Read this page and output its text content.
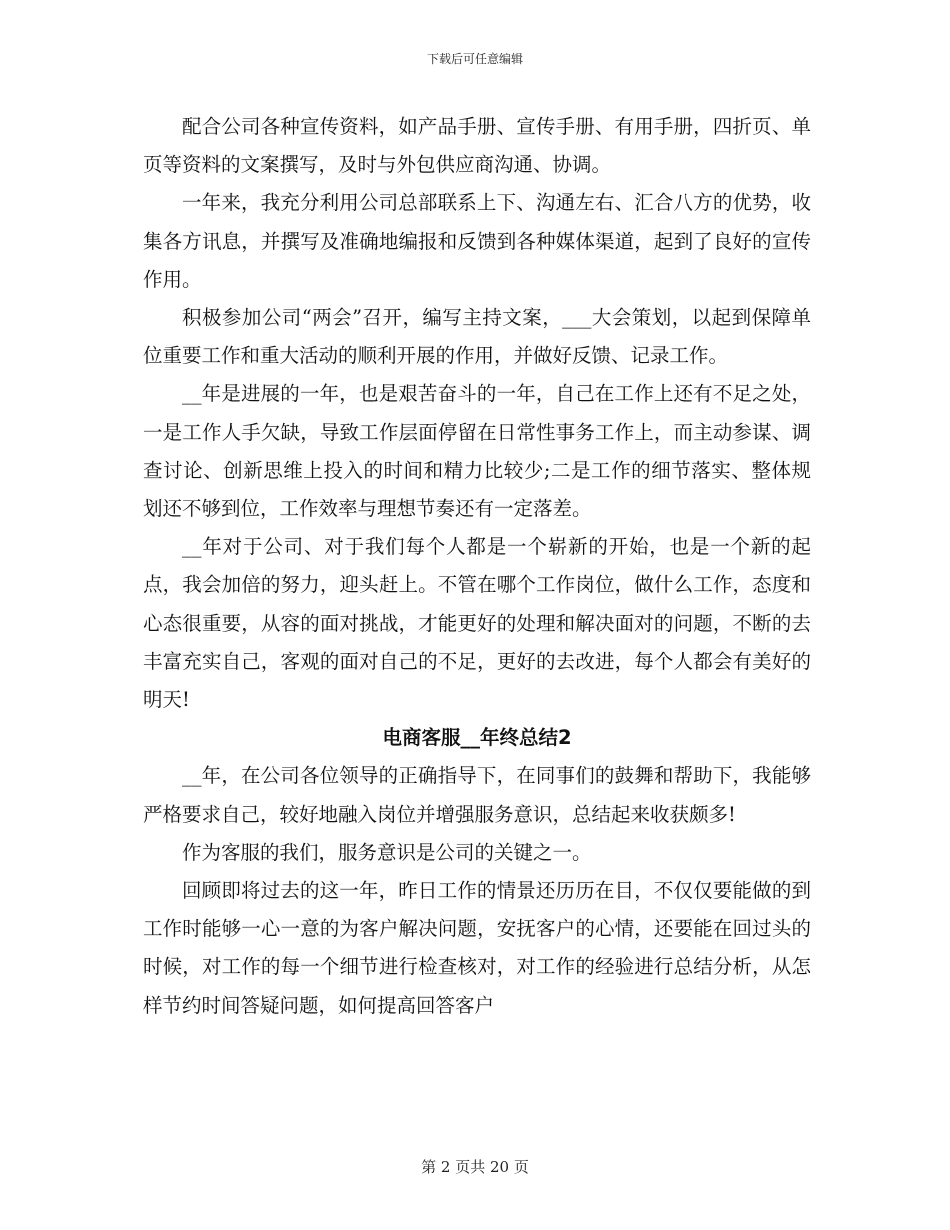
下载后可任意编辑

配合公司各种宣传资料，如产品手册、宣传手册、有用手册，四折页、单页等资料的文案撰写，及时与外包供应商沟通、协调。

一年来，我充分利用公司总部联系上下、沟通左右、汇合八方的优势，收集各方讯息，并撰写及准确地编报和反馈到各种媒体渠道，起到了良好的宣传作用。

积极参加公司“两会”召开，编写主持文案，___大会策划，以起到保障单位重要工作和重大活动的顺利开展的作用，并做好反馈、记录工作。

__年是进展的一年，也是艰苦奋斗的一年，自己在工作上还有不足之处，一是工作人手欠缺，导致工作层面停留在日常性事务工作上，而主动参谋、调查讨论、创新思维上投入的时间和精力比较少;二是工作的细节落实、整体规划还不够到位，工作效率与理想节奏还有一定落差。

__年对于公司、对于我们每个人都是一个崭新的开始，也是一个新的起点，我会加倍的努力，迎头赶上。不管在哪个工作岗位，做什么工作，态度和心态很重要，从容的面对挑战，才能更好的处理和解决面对的问题，不断的去丰富充实自己，客观的面对自己的不足，更好的去改进，每个人都会有美好的明天!

电商客服__年终总结2

__年，在公司各位领导的正确指导下，在同事们的鼓舞和帮助下，我能够严格要求自己，较好地融入岗位并增强服务意识，总结起来收获颇多!

作为客服的我们，服务意识是公司的关键之一。

回顾即将过去的这一年，昨日工作的情景还历历在目，不仅仅要能做的到工作时能够一心一意的为客户解决问题，安抚客户的心情，还要能在回过头的时候，对工作的每一个细节进行检查核对，对工作的经验进行总结分析，从怎样节约时间答疑问题，如何提高回答客户

第 2 页共 20 页
